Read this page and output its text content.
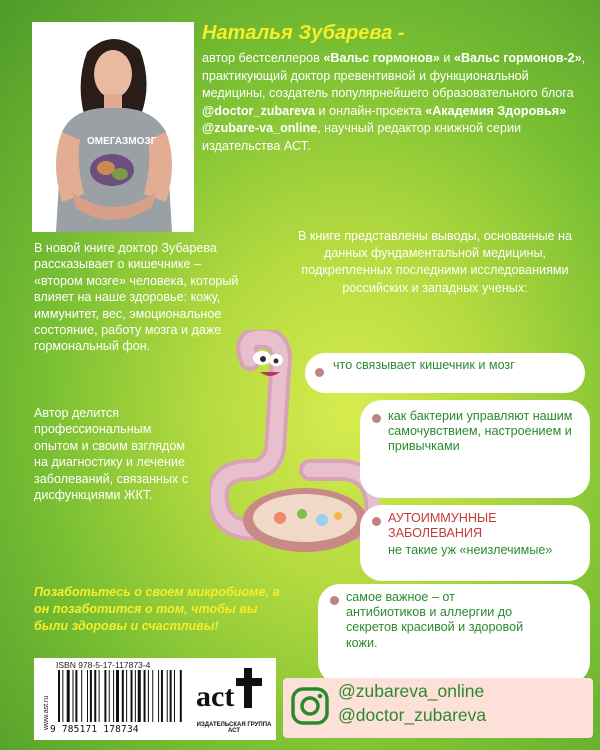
ОМЕГАЗМОЗГ
Наталья Зубарева -
автор бестселлеров «Вальс гормонов» и «Вальс гормонов-2», практикующий доктор превентивной и функциональной медицины, создатель популярнейшего образовательного блога @doctor_zubareva и онлайн-проекта «Академия Здоровья» @zubare-va_online, научный редактор книжной серии издательства АСТ.
В новой книге доктор Зубарева рассказывает о кишечнике – «втором мозге» человека, который влияет на наше здоровье: кожу, иммунитет, вес, эмоциональное состояние, работу мозга и даже гормональный фон.
Автор делится профессиональным опытом и своим взглядом на диагностику и лечение заболеваний, связанных с дисфункциями ЖКТ.
Позаботьтесь о своем микробиоме, а он позаботится о том, чтобы вы были здоровы и счастливы!
В книге представлены выводы, основанные на данных фундаментальной медицины, подкрепленных последними исследованиями российских и западных ученых:
что связывает кишечник и мозг
как бактерии управляют нашим самочувствием, настроением и привычками
АУТОИММУННЫЕ ЗАБОЛЕВАНИЯ
не такие уж «неизлечимые»
самое важное – от антибиотиков и аллергии до секретов красивой и здоровой кожи.
www.ast.ru
ISBN 978-5-17-117873-4
9 785171 178734
act
ИЗДАТЕЛЬСКАЯ ГРУППА АСТ
@zubareva_online
@doctor_zubareva
